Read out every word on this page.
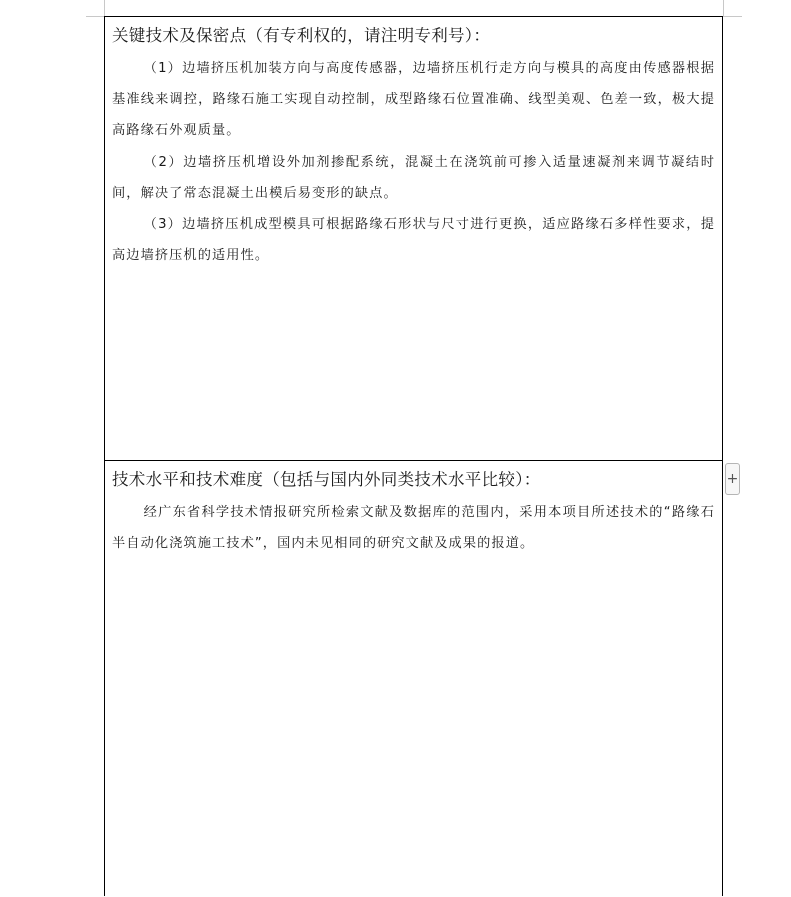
关键技术及保密点（有专利权的，请注明专利号）：

（1）边墙挤压机加装方向与高度传感器，边墙挤压机行走方向与模具的高度由传感器根据基准线来调控，路缘石施工实现自动控制，成型路缘石位置准确、线型美观、色差一致，极大提高路缘石外观质量。

（2）边墙挤压机增设外加剂掺配系统，混凝土在浇筑前可掺入适量速凝剂来调节凝结时间，解决了常态混凝土出模后易变形的缺点。

（3）边墙挤压机成型模具可根据路缘石形状与尺寸进行更换，适应路缘石多样性要求，提高边墙挤压机的适用性。

技术水平和技术难度（包括与国内外同类技术水平比较）：

经广东省科学技术情报研究所检索文献及数据库的范围内，采用本项目所述技术的“路缘石半自动化浇筑施工技术”，国内未见相同的研究文献及成果的报道。

+
